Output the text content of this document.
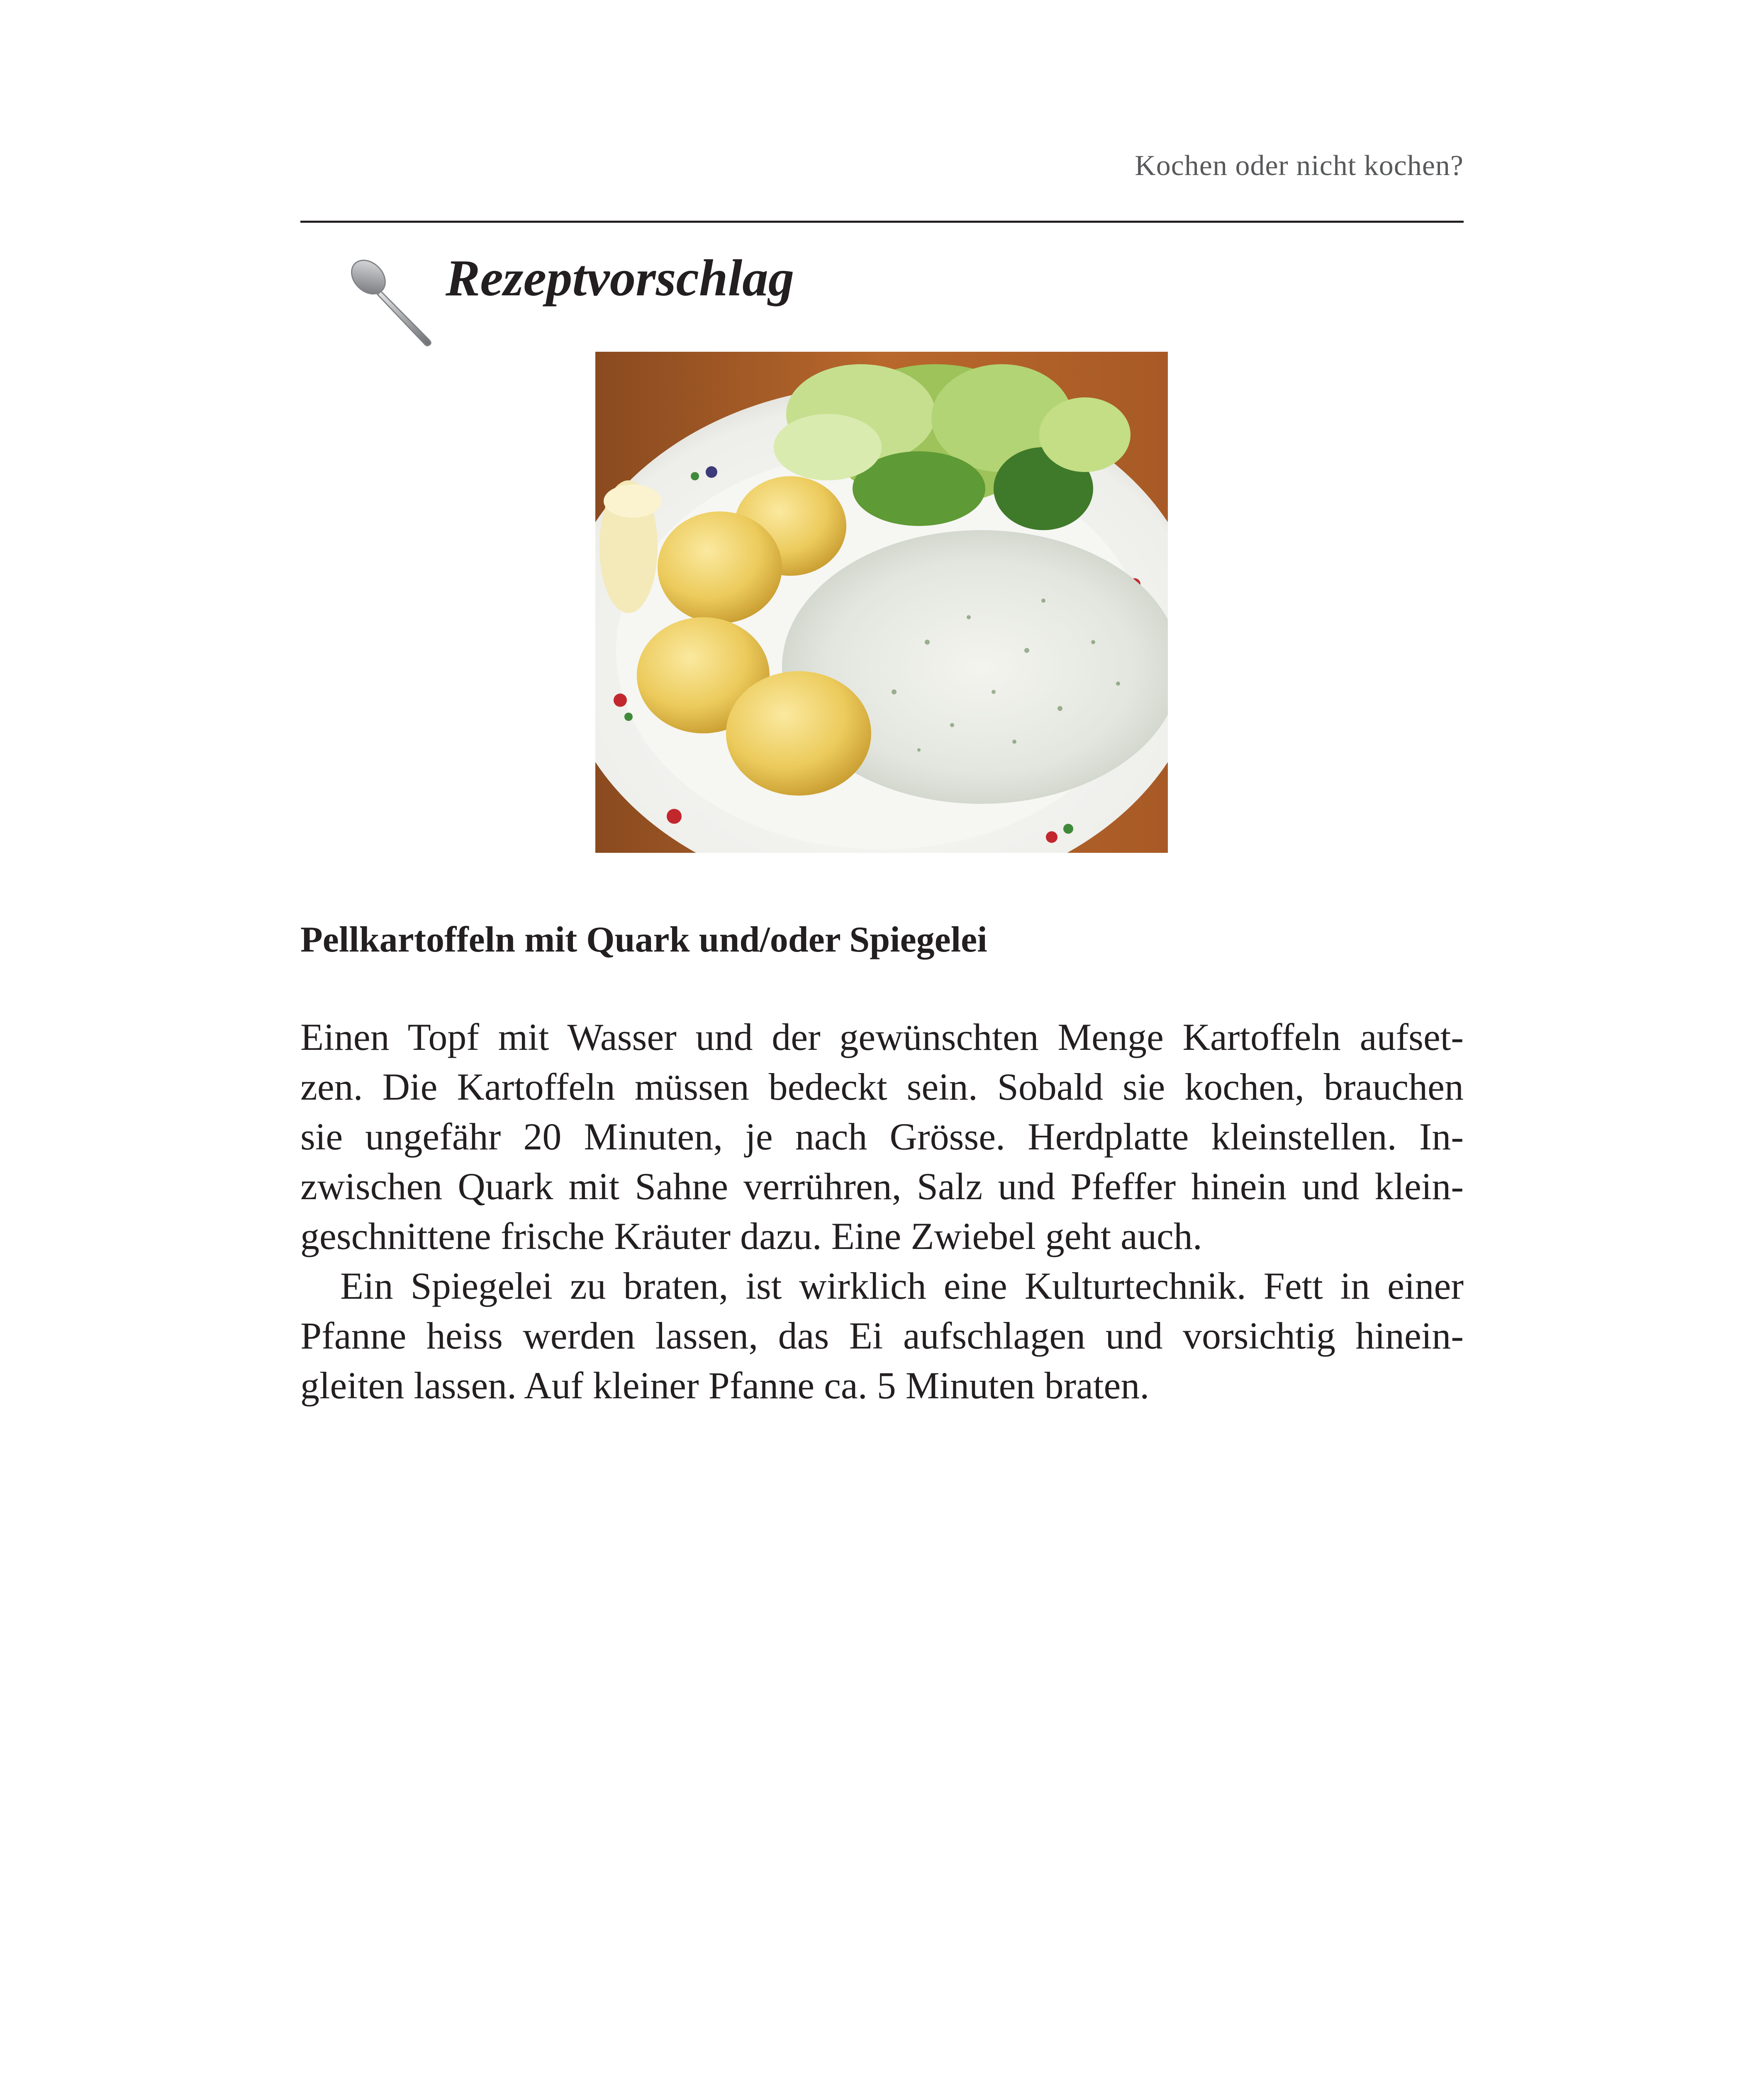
Kochen oder nicht kochen?
Rezeptvorschlag
Pellkartoffeln mit Quark und/oder Spiegelei
Einen Topf mit Wasser und der gewünschten Menge Kartoffeln aufset-
zen. Die Kartoffeln müssen bedeckt sein. Sobald sie kochen, brauchen
sie ungefähr 20 Minuten, je nach Grösse. Herdplatte kleinstellen. In-
zwischen Quark mit Sahne verrühren, Salz und Pfeffer hinein und klein-
geschnittene frische Kräuter dazu. Eine Zwiebel geht auch.
Ein Spiegelei zu braten, ist wirklich eine Kulturtechnik. Fett in einer
Pfanne heiss werden lassen, das Ei aufschlagen und vorsichtig hinein-
gleiten lassen. Auf kleiner Pfanne ca. 5 Minuten braten.
